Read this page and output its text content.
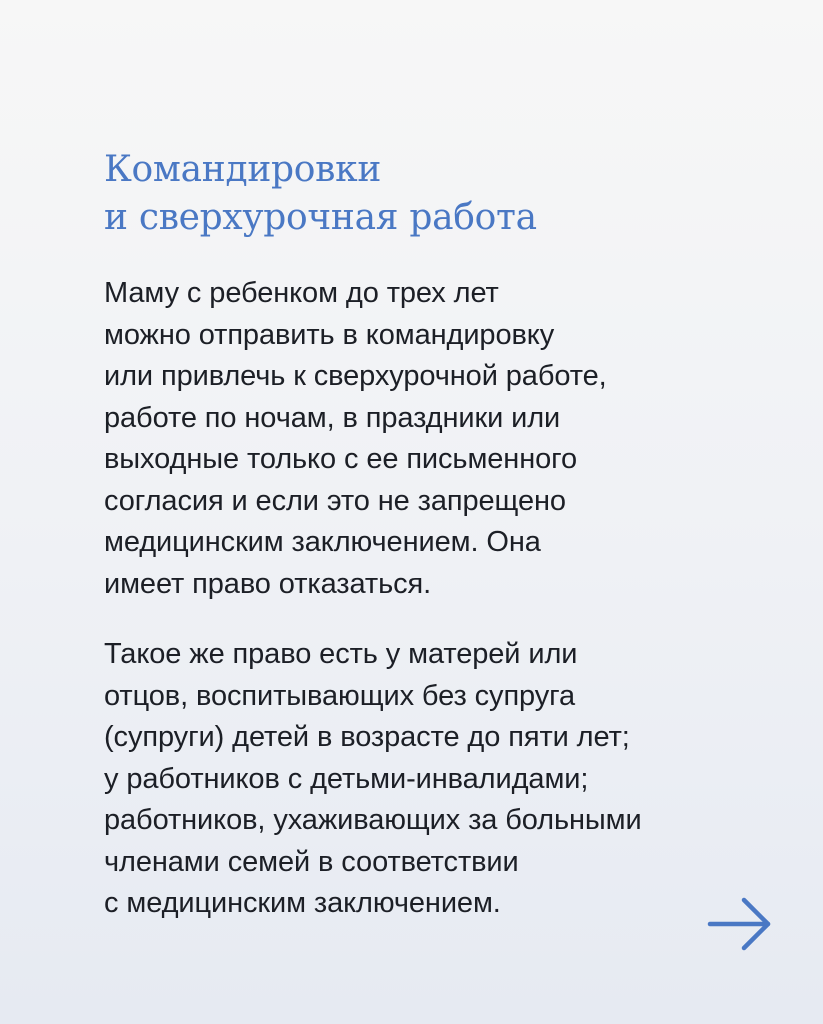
Командировки
и сверхурочная работа

Маму с ребенком до трех лет
можно отправить в командировку
или привлечь к сверхурочной работе,
работе по ночам, в праздники или
выходные только с ее письменного
согласия и если это не запрещено
медицинским заключением. Она
имеет право отказаться.

Такое же право есть у матерей или
отцов, воспитывающих без супруга
(супруги) детей в возрасте до пяти лет;
у работников с детьми-инвалидами;
работников, ухаживающих за больными
членами семей в соответствии
с медицинским заключением.
